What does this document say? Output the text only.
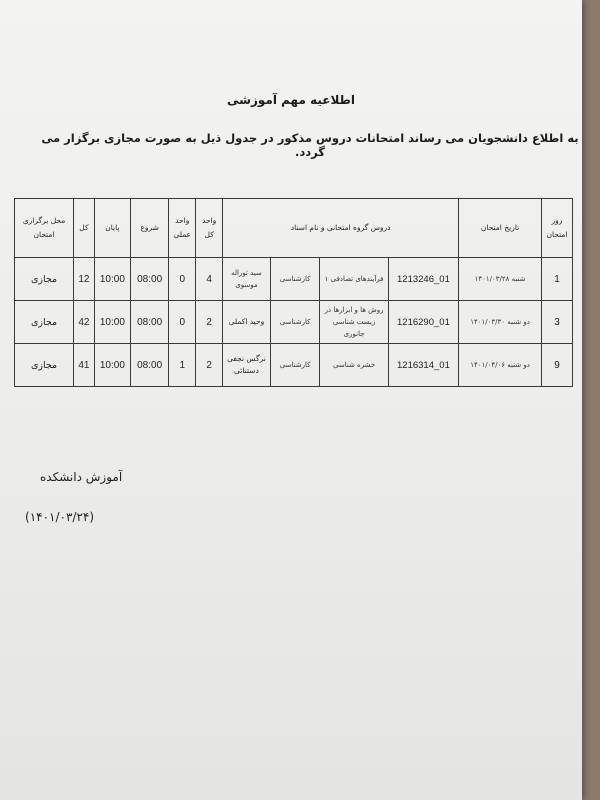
اطلاعیه مهم آموزشی
به اطلاع دانشجویان می رساند امتحانات دروس مذکور در جدول ذیل به صورت مجازی برگزار می گردد.
روز امتحان	تاریخ امتحان	دروس گروه امتحانی و نام استاد				واحد کل	واحد عملی	شروع	پایان	کل	محل برگزاری امتحان
1	شنبه ۱۴۰۱/۰۳/۲۸	1213246_01	فرآیندهای تصادفی ۱	کارشناسی	سید ثوراله موسوی	4	0	08:00	10:00	12	مجازی
3	دو شنبه ۱۴۰۱/۰۳/۳۰	1216290_01	روش ها و ابزارها در زیست شناسی جانوری	کارشناسی	وحید اکملی	2	0	08:00	10:00	42	مجازی
9	دو شنبه ۱۴۰۱/۰۴/۰۶	1216314_01	حشره شناسی	کارشناسی	نرگس نجفی دستنائی	2	1	08:00	10:00	41	مجازی
آموزش دانشکده
(۱۴۰۱/۰۳/۲۴)
